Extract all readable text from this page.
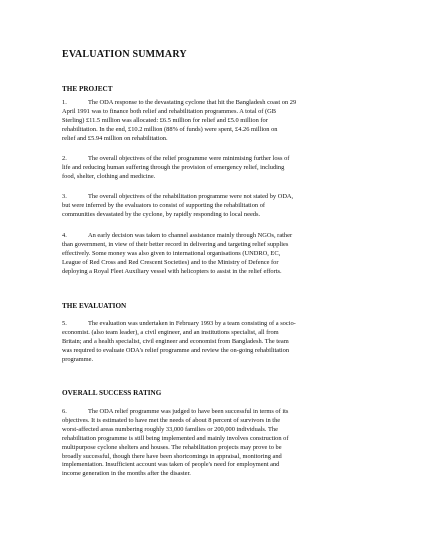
EVALUATION SUMMARY
THE PROJECT
1.	The ODA response to the devastating cyclone that hit the Bangladesh coast on 29
April 1991 was to finance both relief and rehabilitation programmes. A total of (GB
Sterling) £11.5 million was allocated: £6.5 million for relief and £5.0 million for
rehabilitation. In the end, £10.2 million (88% of funds) were spent, £4.26 million on
relief and £5.94 million on rehabilitation.
2.	The overall objectives of the relief programme were minimising further loss of
life and reducing human suffering through the provision of emergency relief, including
food, shelter, clothing and medicine.
3.	The overall objectives of the rehabilitation programme were not stated by ODA,
but were inferred by the evaluators to consist of supporting the rehabilitation of
communities devastated by the cyclone, by rapidly responding to local needs.
4.	An early decision was taken to channel assistance mainly through NGOs, rather
than government, in view of their better record in delivering and targeting relief supplies
effectively. Some money was also given to international organisations (UNDRO, EC,
League of Red Cross and Red Crescent Societies) and to the Ministry of Defence for
deploying a Royal Fleet Auxiliary vessel with helicopters to assist in the relief efforts.
THE EVALUATION
5.	The evaluation was undertaken in February 1993 by a team consisting of a socio-
economist. (also team leader), a civil engineer, and an institutions specialist, all from
Britain; and a health specialist, civil engineer and economist from Bangladesh. The team
was required to evaluate ODA's relief programme and review the on-going rehabilitation
programme.
OVERALL SUCCESS RATING
6.	The ODA relief programme was judged to have been successful in terms of its
objectives. It is estimated to have met the needs of about 8 percent of survivors in the
worst-affected areas numbering roughly 33,000 families or 200,000 individuals. The
rehabilitation programme is still being implemented and mainly involves construction of
multipurpose cyclone shelters and houses. The rehabilitation projects may prove to be
broadly successful, though there have been shortcomings in appraisal, monitoring and
implementation. Insufficient account was taken of people's need for employment and
income generation in the months after the disaster.
